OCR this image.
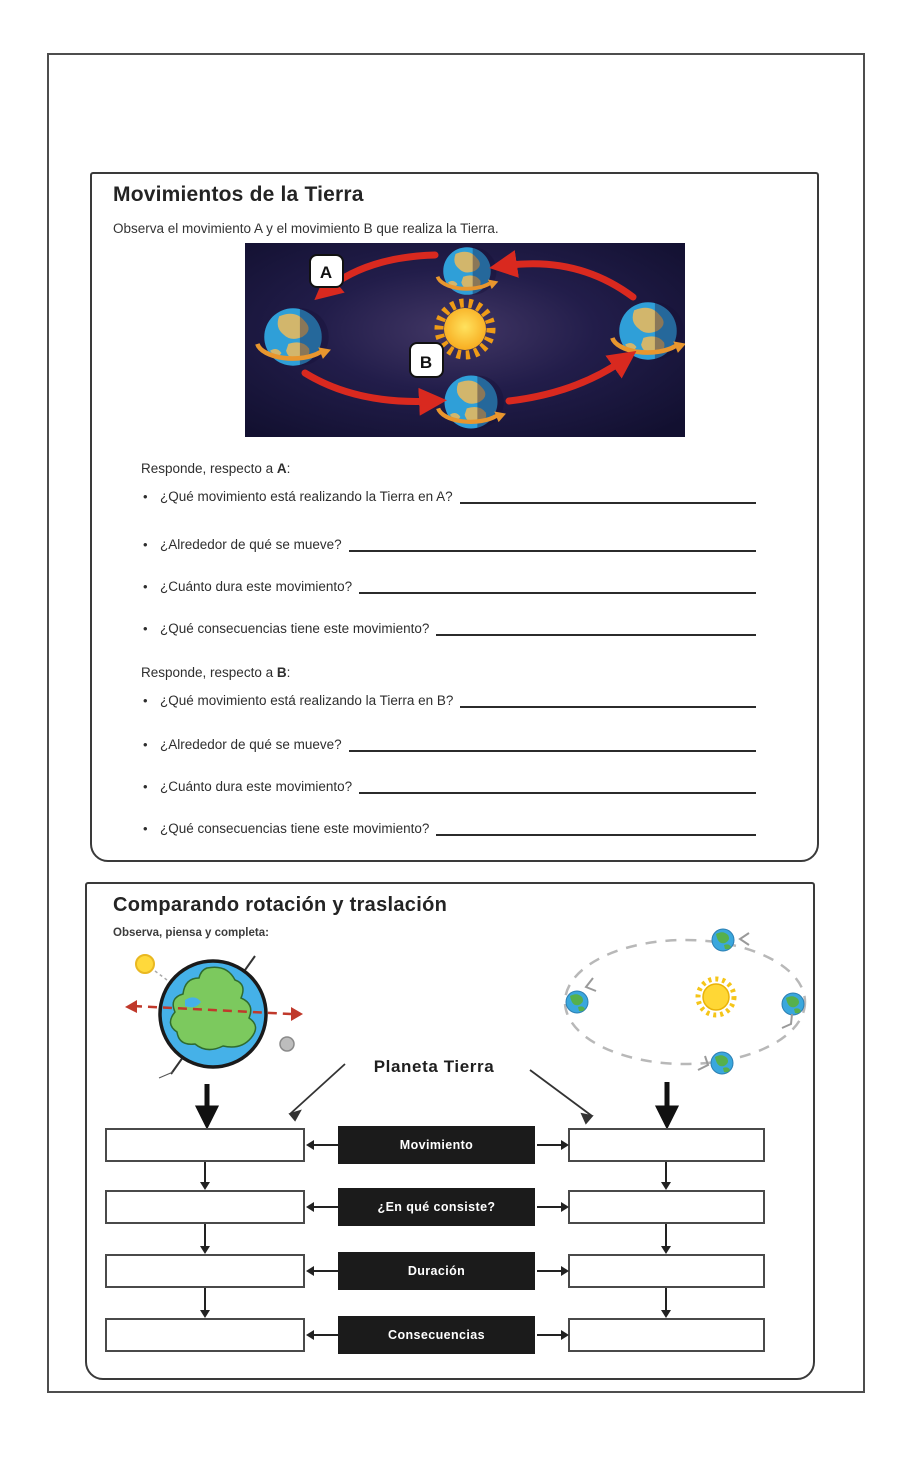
Movimientos de la Tierra
Observa el movimiento A y el movimiento B que realiza la Tierra.
A
B
Responde, respecto a A:
• ¿Qué movimiento está realizando la Tierra en A?
• ¿Alrededor de qué se mueve?
• ¿Cuánto dura este movimiento?
• ¿Qué consecuencias tiene este movimiento?
Responde, respecto a B:
• ¿Qué movimiento está realizando la Tierra en B?
• ¿Alrededor de qué se mueve?
• ¿Cuánto dura este movimiento?
• ¿Qué consecuencias tiene este movimiento?
Comparando rotación y traslación
Observa, piensa y completa:
Planeta Tierra
Movimiento
¿En qué consiste?
Duración
Consecuencias
